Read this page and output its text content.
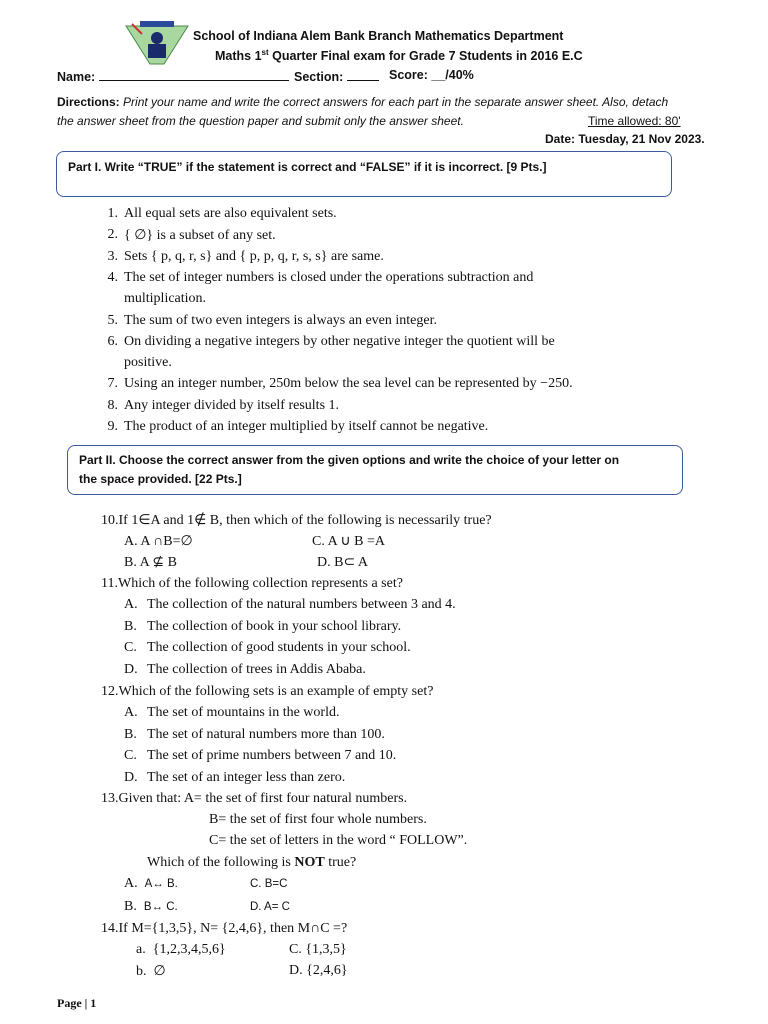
School of Indiana Alem Bank Branch Mathematics Department
Maths 1st Quarter Final exam for Grade 7 Students in 2016 E.C
Name:	Section:	Score: __/40%
Directions: Print your name and write the correct answers for each part in the separate answer sheet. Also, detach
the answer sheet from the question paper and submit only the answer sheet.	Time allowed: 80'
Date: Tuesday, 21 Nov 2023.
Part I. Write “TRUE” if the statement is correct and “FALSE” if it is incorrect. [9 Pts.]
1. All equal sets are also equivalent sets.
2. { ∅} is a subset of any set.
3. Sets { p, q, r, s} and { p, p, q, r, s, s} are same.
4. The set of integer numbers is closed under the operations subtraction and
multiplication.
5. The sum of two even integers is always an even integer.
6. On dividing a negative integers by other negative integer the quotient will be
positive.
7. Using an integer number, 250m below the sea level can be represented by −250.
8. Any integer divided by itself results 1.
9. The product of an integer multiplied by itself cannot be negative.
Part II. Choose the correct answer from the given options and write the choice of your letter on
the space provided. [22 Pts.]
10.If 1∈A and 1∉ B, then which of the following is necessarily true?
A. A ∩B=∅	C. A ∪ B =A
B. A ⊈ B	D. B⊂ A
11.Which of the following collection represents a set?
A. The collection of the natural numbers between 3 and 4.
B. The collection of book in your school library.
C. The collection of good students in your school.
D. The collection of trees in Addis Ababa.
12.Which of the following sets is an example of empty set?
A. The set of mountains in the world.
B. The set of natural numbers more than 100.
C. The set of prime numbers between 7 and 10.
D. The set of an integer less than zero.
13.Given that: A= the set of first four natural numbers.
B= the set of first four whole numbers.
C= the set of letters in the word “ FOLLOW”.
Which of the following is NOT true?
A. A↔ B.	C. B=C
B. B↔ C.	D. A= C
14.If M={1,3,5}, N= {2,4,6}, then M∩C =?
a. {1,2,3,4,5,6}	C. {1,3,5}
b. ∅	D. {2,4,6}
Page | 1
